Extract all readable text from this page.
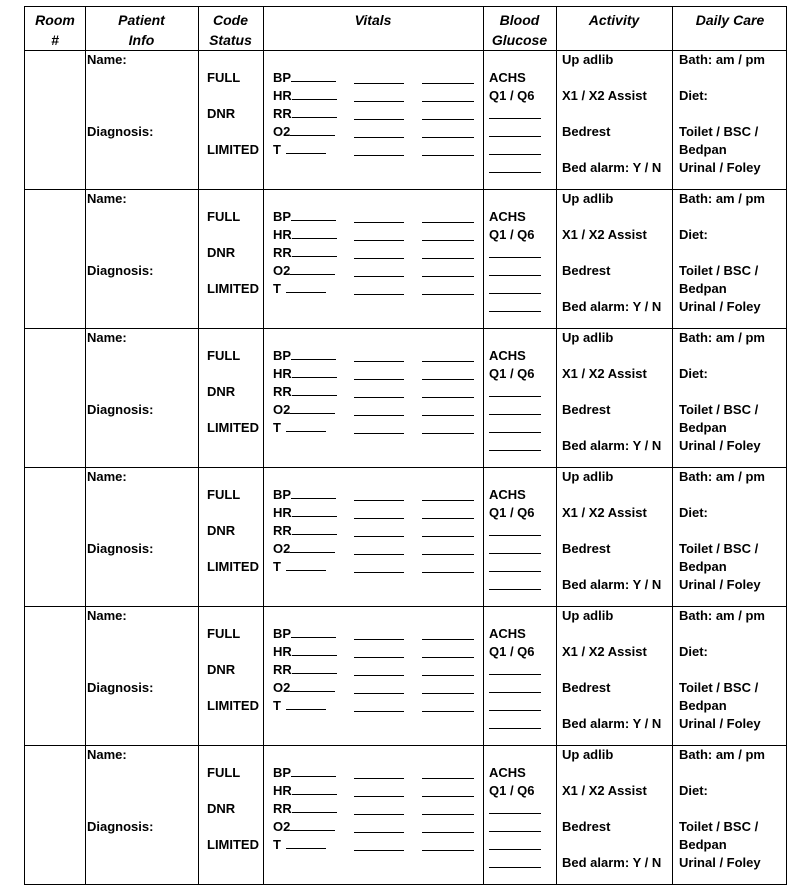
Room
#
Patient
Info
Code
Status
Vitals	Blood
Glucose
Activity	Daily Care
Name:
Diagnosis:
FULL
DNR
LIMITED
BP
HR
RR
O2
T
ACHS
Q1 / Q6
Up adlib
X1 / X2 Assist
Bedrest
Bed alarm: Y / N
Bath: am / pm
Diet:
Toilet / BSC /
Bedpan
Urinal / Foley
Name:
Diagnosis:
FULL
DNR
LIMITED
BP
HR
RR
O2
T
ACHS
Q1 / Q6
Up adlib
X1 / X2 Assist
Bedrest
Bed alarm: Y / N
Bath: am / pm
Diet:
Toilet / BSC /
Bedpan
Urinal / Foley
Name:
Diagnosis:
FULL
DNR
LIMITED
BP
HR
RR
O2
T
ACHS
Q1 / Q6
Up adlib
X1 / X2 Assist
Bedrest
Bed alarm: Y / N
Bath: am / pm
Diet:
Toilet / BSC /
Bedpan
Urinal / Foley
Name:
Diagnosis:
FULL
DNR
LIMITED
BP
HR
RR
O2
T
ACHS
Q1 / Q6
Up adlib
X1 / X2 Assist
Bedrest
Bed alarm: Y / N
Bath: am / pm
Diet:
Toilet / BSC /
Bedpan
Urinal / Foley
Name:
Diagnosis:
FULL
DNR
LIMITED
BP
HR
RR
O2
T
ACHS
Q1 / Q6
Up adlib
X1 / X2 Assist
Bedrest
Bed alarm: Y / N
Bath: am / pm
Diet:
Toilet / BSC /
Bedpan
Urinal / Foley
Name:
Diagnosis:
FULL
DNR
LIMITED
BP
HR
RR
O2
T
ACHS
Q1 / Q6
Up adlib
X1 / X2 Assist
Bedrest
Bed alarm: Y / N
Bath: am / pm
Diet:
Toilet / BSC /
Bedpan
Urinal / Foley
